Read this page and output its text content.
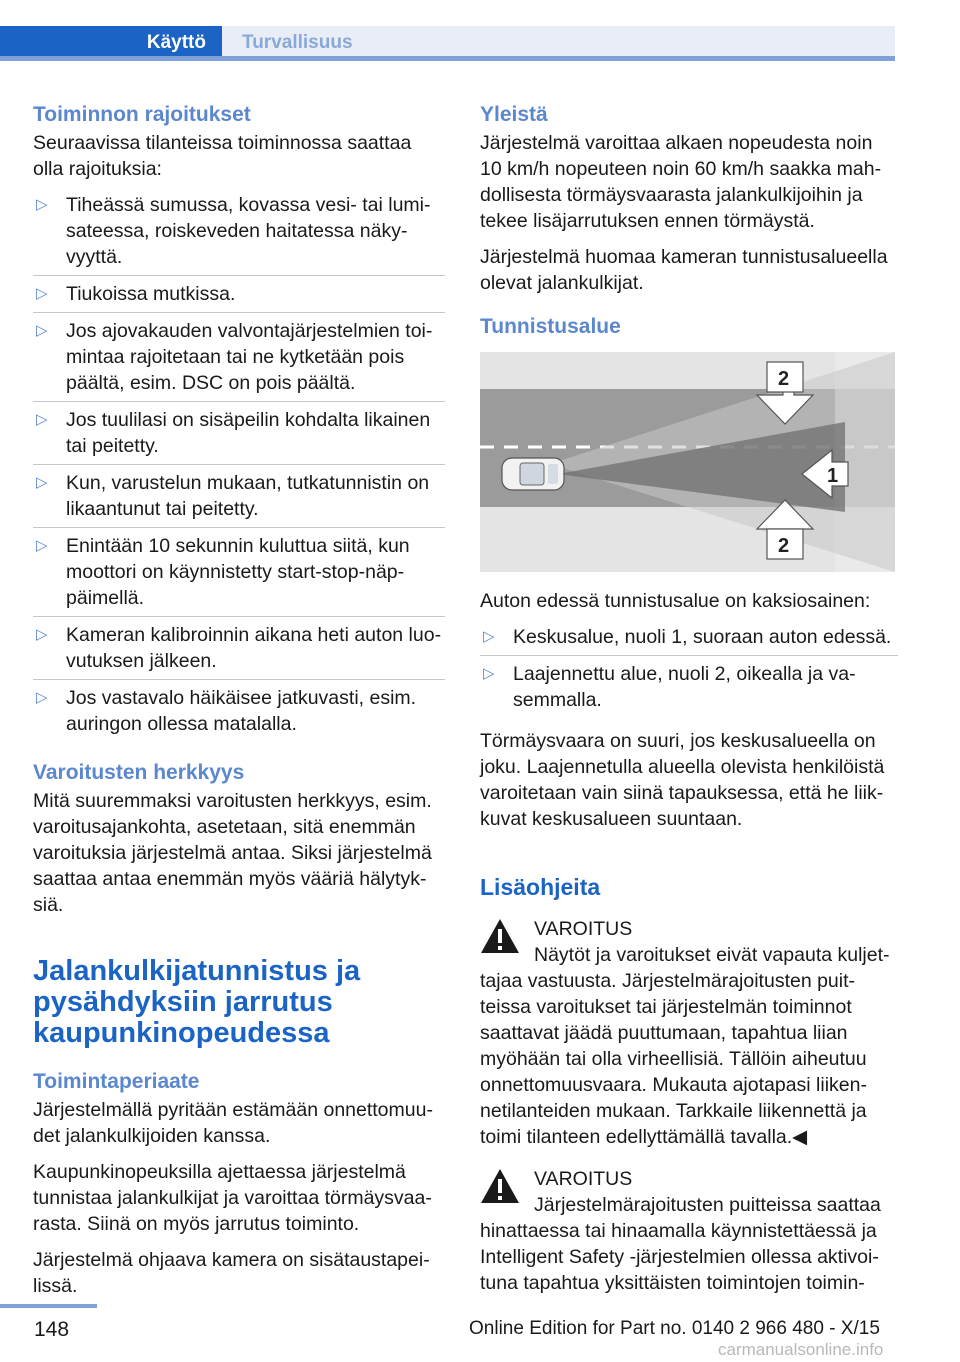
Käyttö	Turvallisuus
Toiminnon rajoitukset

Seuraavissa tilanteissa toiminnossa saattaa olla rajoituksia:

▷ Tiheässä sumussa, kovassa vesi- tai lumi-sateessa, roiskeveden haitatessa näky-vyyttä.
▷ Tiukoissa mutkissa.
▷ Jos ajovakauden valvontajärjestelmien toi-mintaa rajoitetaan tai ne kytketään pois päältä, esim. DSC on pois päältä.
▷ Jos tuulilasi on sisäpeilin kohdalta likainen tai peitetty.
▷ Kun, varustelun mukaan, tutkatunnistin on likaantunut tai peitetty.
▷ Enintään 10 sekunnin kuluttua siitä, kun moottori on käynnistetty start-stop-näp-päimellä.
▷ Kameran kalibroinnin aikana heti auton luo-vutuksen jälkeen.
▷ Jos vastavalo häikäisee jatkuvasti, esim. auringon ollessa matalalla.
Varoitusten herkkyys

Mitä suuremmaksi varoitusten herkkyys, esim. varoitusajankohta, asetetaan, sitä enemmän varoituksia järjestelmä antaa. Siksi järjestelmä saattaa antaa enemmän myös vääriä hälytyk-siä.

Jalankulkijatunnistus ja pysähdyksiin jarrutus kaupunkinopeudessa
Toimintaperiaate

Järjestelmällä pyritään estämään onnettomuu-det jalankulkijoiden kanssa.

Kaupunkinopeuksilla ajettaessa järjestelmä tunnistaa jalankulkijat ja varoittaa törmäysvaa-rasta. Siinä on myös jarrutus toiminto.

Järjestelmä ohjaava kamera on sisätaustapei-lissä.

Yleistä

Järjestelmä varoittaa alkaen nopeudesta noin 10 km/h nopeuteen noin 60 km/h saakka mah-dollisesta törmäysvaarasta jalankulkijoihin ja tekee lisäjarrutuksen ennen törmäystä.

Järjestelmä huomaa kameran tunnistusalueella olevat jalankulkijat.

Tunnistusalue
1
2
2

Auton edessä tunnistusalue on kaksiosainen:

▷ Keskusalue, nuoli 1, suoraan auton edessä.
▷ Laajennettu alue, nuoli 2, oikealla ja va-semmalla.

Törmäysvaara on suuri, jos keskusalueella on joku. Laajennetulla alueella olevista henkilöistä varoitetaan vain siinä tapauksessa, että he liik-kuvat keskusalueen suuntaan.

Lisäohjeita
VAROITUS
Näytöt ja varoitukset eivät vapauta kuljet-
tajaa vastuusta. Järjestelmärajoitusten puit-teissa varoitukset tai järjestelmän toiminnot saattavat jäädä puuttumaan, tapahtua liian myöhään tai olla virheellisiä. Tällöin aiheutuu onnettomuusvaara. Mukauta ajotapasi liiken-netilanteiden mukaan. Tarkkaile liikennettä ja toimi tilanteen edellyttämällä tavalla.◀
VAROITUS
Järjestelmärajoitusten puitteissa saattaa
hinattaessa tai hinaamalla käynnistettäessä ja Intelligent Safety -järjestelmien ollessa aktivoi-tuna tapahtua yksittäisten toimintojen toimin-
148	Online Edition for Part no. 0140 2 966 480 - X/15
carmanualsonline.info
